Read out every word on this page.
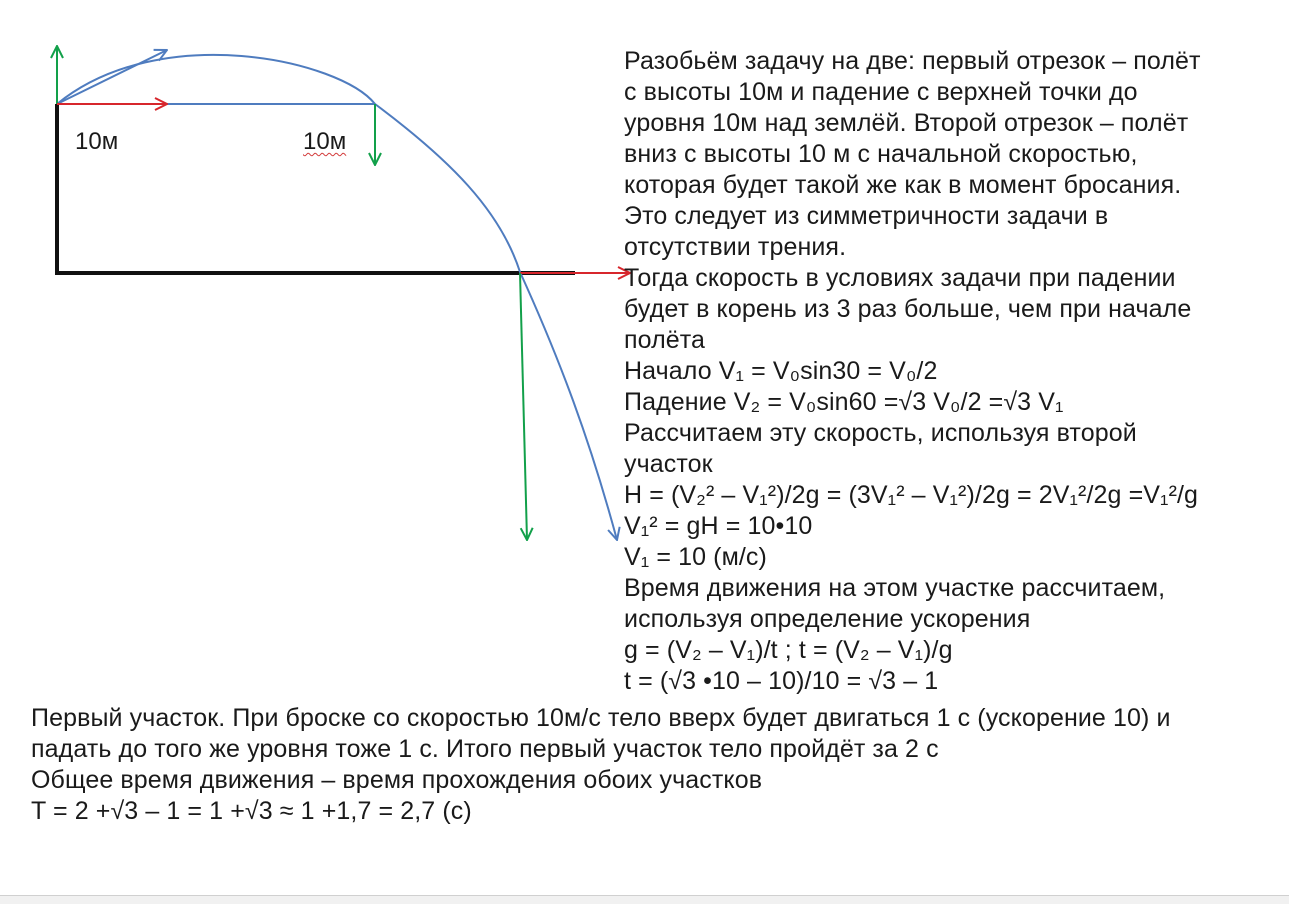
10м	10м
Разобьём задачу на две: первый отрезок – полёт
с высоты 10м и падение с верхней точки до
уровня 10м над землёй. Второй отрезок – полёт
вниз с высоты 10 м с начальной скоростью,
которая будет такой же как в момент бросания.
Это следует из симметричности задачи в
отсутствии трения.
Тогда скорость в условиях задачи при падении
будет в корень из 3 раз больше, чем при начале
полёта
Начало V₁ = V₀sin30 = V₀/2
Падение V₂ = V₀sin60 =√3 V₀/2 =√3 V₁
Рассчитаем эту скорость, используя второй
участок
H = (V₂² – V₁²)/2g = (3V₁² – V₁²)/2g = 2V₁²/2g =V₁²/g
V₁² = gH = 10•10
V₁ = 10 (м/с)
Время движения на этом участке рассчитаем,
используя определение ускорения
g = (V₂ – V₁)/t ; t = (V₂ – V₁)/g
t = (√3 •10 – 10)/10 = √3 – 1
Первый участок. При броске со скоростью 10м/с тело вверх будет двигаться 1 с (ускорение 10) и
падать до того же уровня тоже 1 с. Итого первый участок тело пройдёт за 2 с
Общее время движения – время прохождения обоих участков
T = 2 +√3 – 1 = 1 +√3 ≈ 1 +1,7 = 2,7 (с)
